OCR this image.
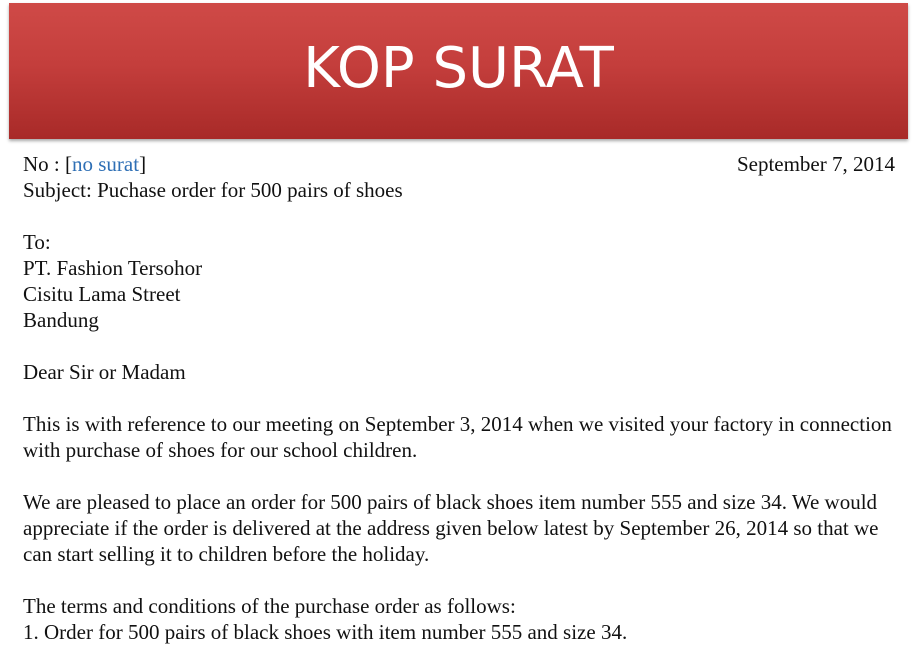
KOP SURAT
No : [no surat]	September 7, 2014
Subject: Puchase order for 500 pairs of shoes
To:
PT. Fashion Tersohor
Cisitu Lama Street
Bandung
Dear Sir or Madam
This is with reference to our meeting on September 3, 2014 when we visited your factory in connection with purchase of shoes for our school children.
We are pleased to place an order for 500 pairs of black shoes item number 555 and size 34. We would appreciate if the order is delivered at the address given below latest by September 26, 2014 so that we can start selling it to children before the holiday.
The terms and conditions of the purchase order as follows:
1. Order for 500 pairs of black shoes with item number 555 and size 34.
